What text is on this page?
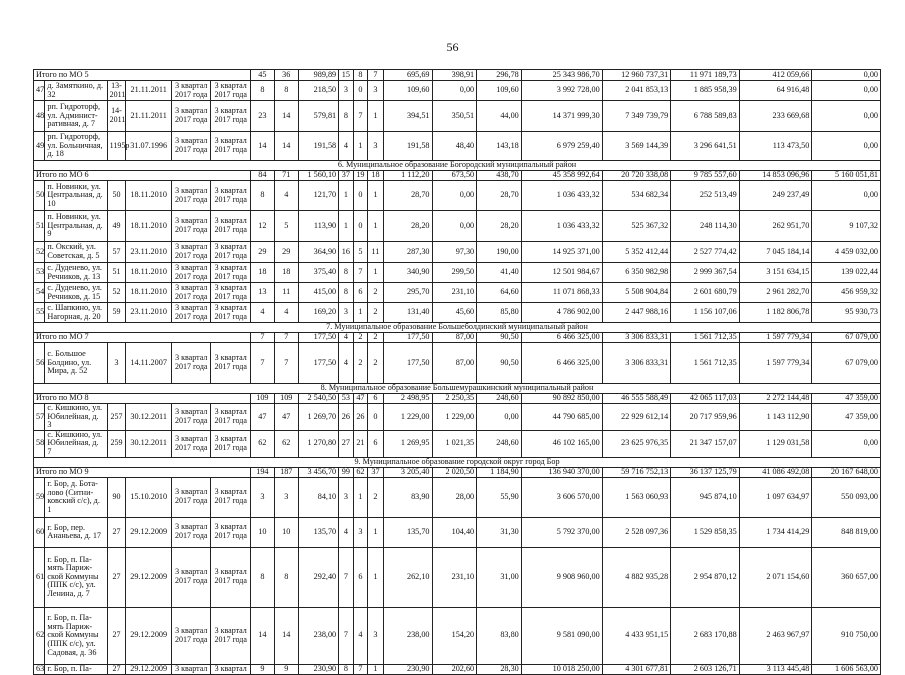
56
Итого по МО 5						45	36	989,89	15	8	7	695,69	398,91	296,78	25 343 986,70	12 960 737,31	11 971 189,73	412 059,66	0,00
47	д. Замяткино, д. 32	13-2011	21.11.2011	3 квартал 2017 года	3 квартал 2017 года	8	8	218,50	3	0	3	109,60	0,00	109,60	3 992 728,00	2 041 853,13	1 885 958,39	64 916,48	0,00
48	рп. Гидроторф, ул. Админист- ративная, д. 7	14-2011	21.11.2011	3 квартал 2017 года	3 квартал 2017 года	23	14	579,81	8	7	1	394,51	350,51	44,00	14 371 999,30	7 349 739,79	6 788 589,83	233 669,68	0,00
49	рп. Гидроторф, ул. Больничная, д. 18	1195р	31.07.1996	3 квартал 2017 года	3 квартал 2017 года	14	14	191,58	4	1	3	191,58	48,40	143,18	6 979 259,40	3 569 144,39	3 296 641,51	113 473,50	0,00
6. Муниципальное образование Богородский муниципальный район																			
Итого по МО 6						84	71	1 560,10	37	19	18	1 112,20	673,50	438,70	45 358 992,64	20 720 338,08	9 785 557,60	14 853 096,96	5 160 051,81
50	п. Новинки, ул. Центральная, д. 10	50	18.11.2010	3 квартал 2017 года	3 квартал 2017 года	8	4	121,70	1	0	1	28,70	0,00	28,70	1 036 433,32	534 682,34	252 513,49	249 237,49	0,00
51	п. Новинки, ул. Центральная, д. 9	49	18.11.2010	3 квартал 2017 года	3 квартал 2017 года	12	5	113,90	1	0	1	28,20	0,00	28,20	1 036 433,32	525 367,32	248 114,30	262 951,70	9 107,32
52	п. Окский, ул. Советская, д. 5	57	23.11.2010	3 квартал 2017 года	3 квартал 2017 года	29	29	364,90	16	5	11	287,30	97,30	190,00	14 925 371,00	5 352 412,44	2 527 774,42	7 045 184,14	4 459 032,00
53	с. Дуденево, ул. Речников, д. 13	51	18.11.2010	3 квартал 2017 года	3 квартал 2017 года	18	18	375,40	8	7	1	340,90	299,50	41,40	12 501 984,67	6 350 982,98	2 999 367,54	3 151 634,15	139 022,44
54	с. Дуденево, ул. Речников, д. 15	52	18.11.2010	3 квартал 2017 года	3 квартал 2017 года	13	11	415,00	8	6	2	295,70	231,10	64,60	11 071 868,33	5 508 904,84	2 601 680,79	2 961 282,70	456 959,32
55	с. Шапкино, ул. Нагорная, д. 20	59	23.11.2010	3 квартал 2017 года	3 квартал 2017 года	4	4	169,20	3	1	2	131,40	45,60	85,80	4 786 902,00	2 447 988,16	1 156 107,06	1 182 806,78	95 930,73
7. Муниципальное образование Большеболдинский муниципальный район																			
Итого по МО 7						7	7	177,50	4	2	2	177,50	87,00	90,50	6 466 325,00	3 306 833,31	1 561 712,35	1 597 779,34	67 079,00
56	с. Большое Болдино, ул. Мира, д. 52	3	14.11.2007	3 квартал 2017 года	3 квартал 2017 года	7	7	177,50	4	2	2	177,50	87,00	90,50	6 466 325,00	3 306 833,31	1 561 712,35	1 597 779,34	67 079,00
8. Муниципальное образование Большемурашкинский муниципальный район																			
Итого по МО 8						109	109	2 540,50	53	47	6	2 498,95	2 250,35	248,60	90 892 850,00	46 555 588,49	42 065 117,03	2 272 144,48	47 359,00
57	с. Кишкино, ул. Юбилейная, д. 3	257	30.12.2011	3 квартал 2017 года	3 квартал 2017 года	47	47	1 269,70	26	26	0	1 229,00	1 229,00	0,00	44 790 685,00	22 929 612,14	20 717 959,96	1 143 112,90	47 359,00
58	с. Кишкино, ул. Юбилейная, д. 7	259	30.12.2011	3 квартал 2017 года	3 квартал 2017 года	62	62	1 270,80	27	21	6	1 269,95	1 021,35	248,60	46 102 165,00	23 625 976,35	21 347 157,07	1 129 031,58	0,00
9. Муниципальное образование городской округ город Бор																			
Итого по МО 9						194	187	3 456,70	99	62	37	3 205,40	2 020,50	1 184,90	136 940 370,00	59 716 752,13	36 137 125,79	41 086 492,08	20 167 648,00
59	г. Бор, д. Бота- лово (Ситни- ковский с/с), д. 1	90	15.10.2010	3 квартал 2017 года	3 квартал 2017 года	3	3	84,10	3	1	2	83,90	28,00	55,90	3 606 570,00	1 563 060,93	945 874,10	1 097 634,97	550 093,00
60	г. Бор, пер. Ананьева, д. 17	27	29.12.2009	3 квартал 2017 года	3 квартал 2017 года	10	10	135,70	4	3	1	135,70	104,40	31,30	5 792 370,00	2 528 097,36	1 529 858,35	1 734 414,29	848 819,00
61	г. Бор, п. Па- мять Париж- ской Коммуны (ППК с/с), ул. Ленина, д. 7	27	29.12.2009	3 квартал 2017 года	3 квартал 2017 года	8	8	292,40	7	6	1	262,10	231,10	31,00	9 908 960,00	4 882 935,28	2 954 870,12	2 071 154,60	360 657,00
62	г. Бор, п. Па- мять Париж- ской Коммуны (ППК с/с), ул. Садовая, д. 36	27	29.12.2009	3 квартал 2017 года	3 квартал 2017 года	14	14	238,00	7	4	3	238,00	154,20	83,80	9 581 090,00	4 433 951,15	2 683 170,88	2 463 967,97	910 750,00
63	г. Бор, п. Па-	27	29.12.2009	3 квартал	3 квартал	9	9	230,90	8	7	1	230,90	202,60	28,30	10 018 250,00	4 301 677,81	2 603 126,71	3 113 445,48	1 606 563,00
